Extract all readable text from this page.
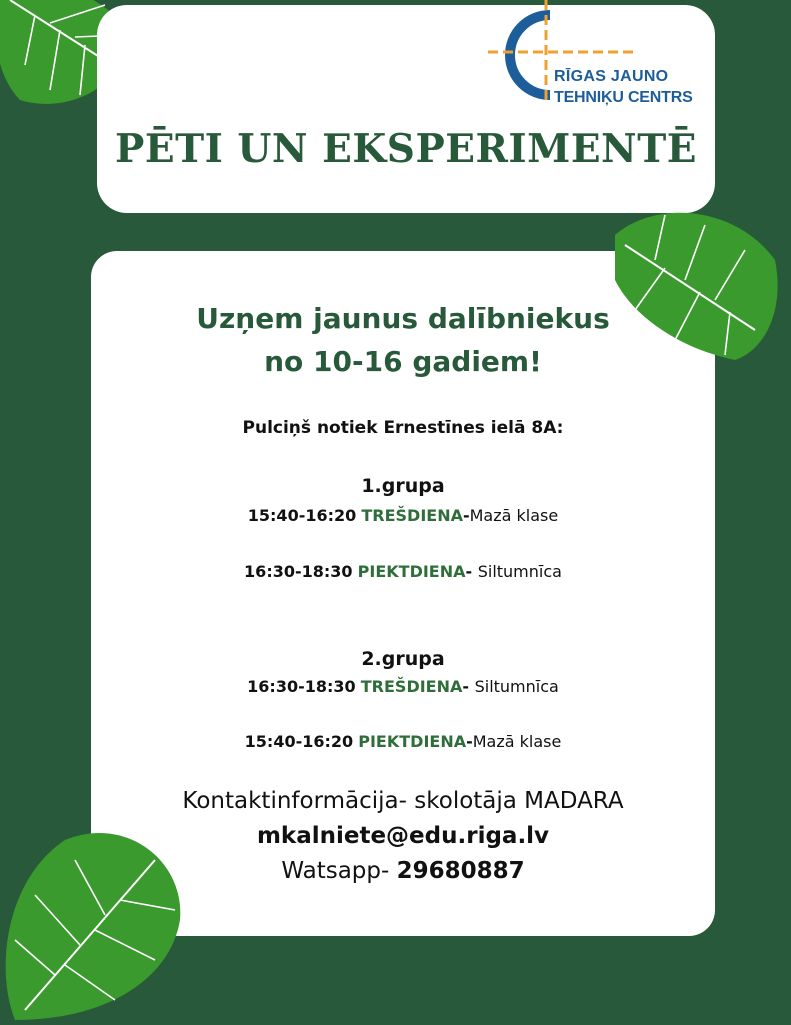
RĪGAS JAUNO
TEHNIĶU CENTRS
PĒTI UN EKSPERIMENTĒ
Uzņem jaunus dalībniekus
no 10-16 gadiem!
Pulciņš notiek Ernestīnes ielā 8A:
1.grupa
15:40-16:20 TREŠDIENA-Mazā klase
16:30-18:30 PIEKTDIENA- Siltumnīca
2.grupa
16:30-18:30 TREŠDIENA- Siltumnīca
15:40-16:20 PIEKTDIENA-Mazā klase
Kontaktinformācija- skolotāja MADARA
mkalniete@edu.riga.lv
Watsapp- 29680887
